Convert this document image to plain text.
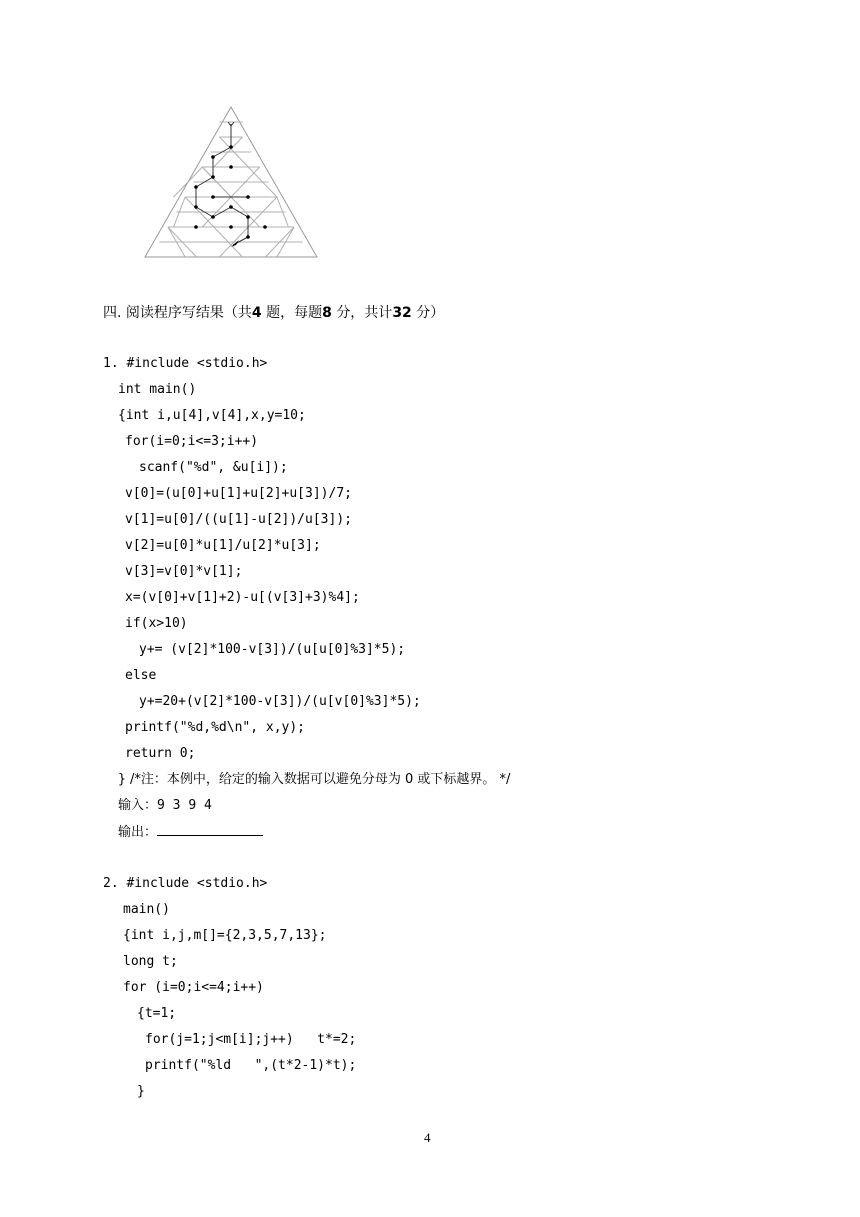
四. 阅读程序写结果（共4 题，每题8 分，共计32 分）
1. #include <stdio.h>
int main()
{int i,u[4],v[4],x,y=10;
for(i=0;i<=3;i++)
scanf("%d", &u[i]);
v[0]=(u[0]+u[1]+u[2]+u[3])/7;
v[1]=u[0]/((u[1]-u[2])/u[3]);
v[2]=u[0]*u[1]/u[2]*u[3];
v[3]=v[0]*v[1];
x=(v[0]+v[1]+2)-u[(v[3]+3)%4];
if(x>10)
y+= (v[2]*100-v[3])/(u[u[0]%3]*5);
else
y+=20+(v[2]*100-v[3])/(u[v[0]%3]*5);
printf("%d,%d\n", x,y);
return 0;
} /*注：本例中，给定的输入数据可以避免分母为 0 或下标越界。 */
输入：9 3 9 4
输出：
2. #include <stdio.h>
main()
{int i,j,m[]={2,3,5,7,13};
long t;
for (i=0;i<=4;i++)
{t=1;
for(j=1;j<m[i];j++)   t*=2;
printf("%ld   ",(t*2-1)*t);
}
4
